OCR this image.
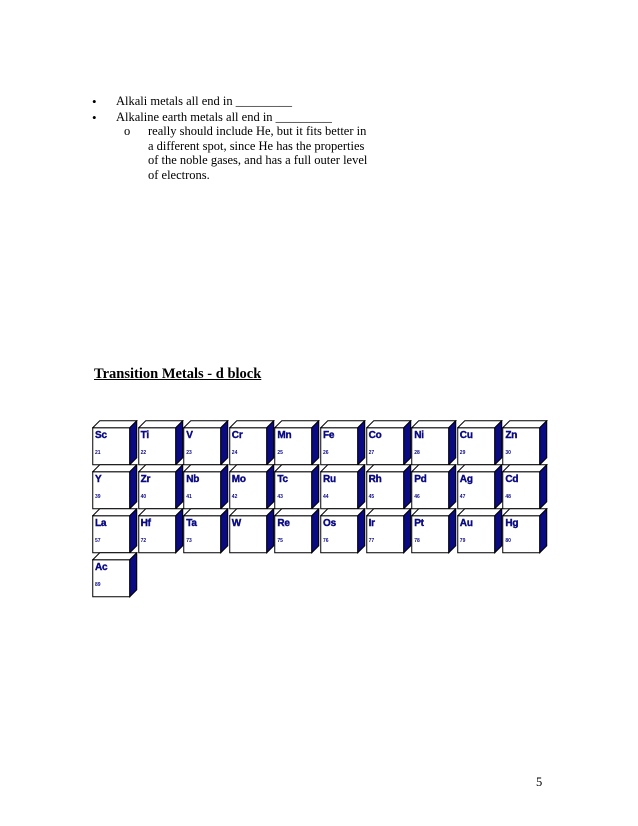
• Alkali metals all end in _________
• Alkaline earth metals all end in _________
o really should include He, but it fits better in a different spot, since He has the properties of the noble gases, and has a full outer level of electrons.
Transition Metals - d block
Sc
21
Ti
22
V
23
Cr
24
Mn
25
Fe
26
Co
27
Ni
28
Cu
29
Zn
30
Y
39
Zr
40
Nb
41
Mo
42
Tc
43
Ru
44
Rh
45
Pd
46
Ag
47
Cd
48
La
57
Hf
72
Ta
73
W	Re
75
Os
76
Ir
77
Pt
78
Au
79
Hg
80
Ac
89
5
